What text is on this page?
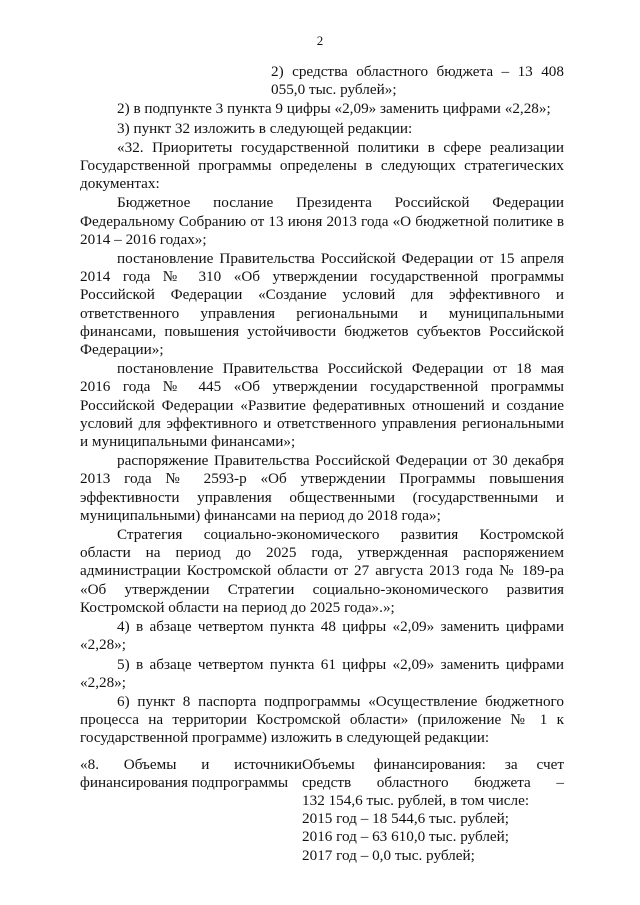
2

2) средства областного бюджета – 13 408 055,0 тыс. рублей»;

2) в подпункте 3 пункта 9 цифры «2,09» заменить цифрами «2,28»;

3) пункт 32 изложить в следующей редакции:

«32. Приоритеты государственной политики в сфере реализации Государственной программы определены в следующих стратегических документах:

Бюджетное послание Президента Российской Федерации Федеральному Собранию от 13 июня 2013 года «О бюджетной политике в 2014 – 2016 годах»;

постановление Правительства Российской Федерации от 15 апреля 2014 года № 310 «Об утверждении государственной программы Российской Федерации «Создание условий для эффективного и ответственного управления региональными и муниципальными финансами, повышения устойчивости бюджетов субъектов Российской Федерации»;

постановление Правительства Российской Федерации от 18 мая 2016 года № 445 «Об утверждении государственной программы Российской Федерации «Развитие федеративных отношений и создание условий для эффективного и ответственного управления региональными и муниципальными финансами»;

распоряжение Правительства Российской Федерации от 30 декабря 2013 года № 2593-р «Об утверждении Программы повышения эффективности управления общественными (государственными и муниципальными) финансами на период до 2018 года»;

Стратегия социально-экономического развития Костромской области на период до 2025 года, утвержденная распоряжением администрации Костромской области от 27 августа 2013 года № 189-ра «Об утверждении Стратегии социально-экономического развития Костромской области на период до 2025 года».»;

4) в абзаце четвертом пункта 48 цифры «2,09» заменить цифрами «2,28»;

5) в абзаце четвертом пункта 61 цифры «2,09» заменить цифрами «2,28»;

6) пункт 8 паспорта подпрограммы «Осуществление бюджетного процесса на территории Костромской области» (приложение № 1 к государственной программе) изложить в следующей редакции:

«8. Объемы и источники финансирования подпрограммы

Объемы финансирования: за счет средств областного бюджета –

132 154,6 тыс. рублей, в том числе:

2015 год – 18 544,6 тыс. рублей;

2016 год – 63 610,0 тыс. рублей;

2017 год – 0,0 тыс. рублей;
